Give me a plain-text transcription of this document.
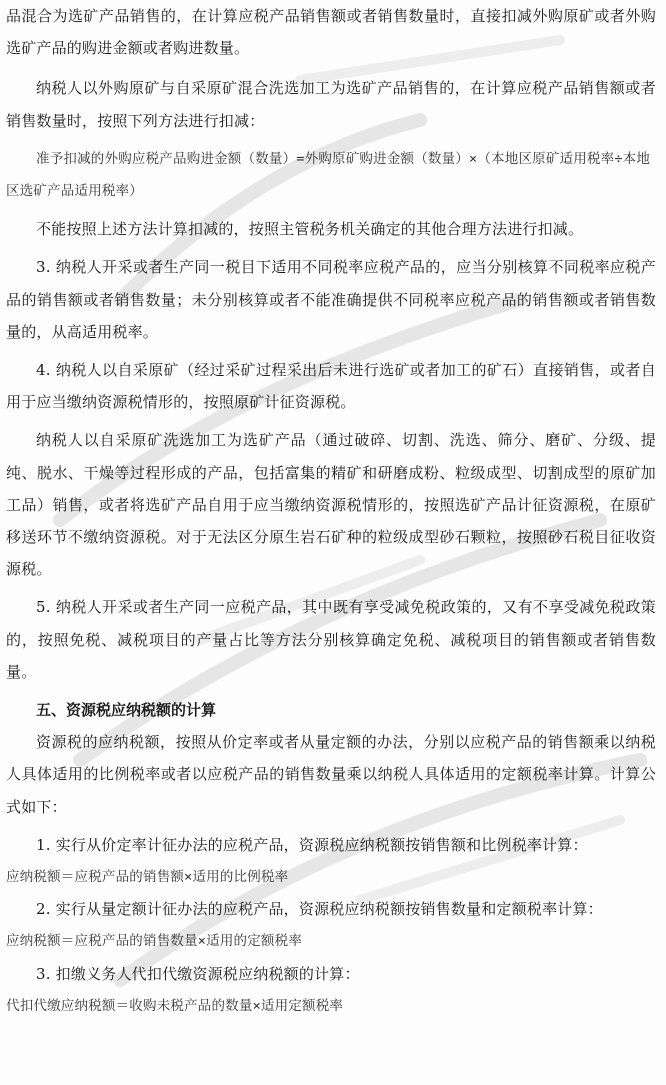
品混合为选矿产品销售的，在计算应税产品销售额或者销售数量时，直接扣减外购原矿或者外购选矿产品的购进金额或者购进数量。

纳税人以外购原矿与自采原矿混合洗选加工为选矿产品销售的，在计算应税产品销售额或者销售数量时，按照下列方法进行扣减：

准予扣减的外购应税产品购进金额（数量）=外购原矿购进金额（数量）×（本地区原矿适用税率÷本地区选矿产品适用税率）

不能按照上述方法计算扣减的，按照主管税务机关确定的其他合理方法进行扣减。

3. 纳税人开采或者生产同一税目下适用不同税率应税产品的，应当分别核算不同税率应税产品的销售额或者销售数量；未分别核算或者不能准确提供不同税率应税产品的销售额或者销售数量的，从高适用税率。

4. 纳税人以自采原矿（经过采矿过程采出后未进行选矿或者加工的矿石）直接销售，或者自用于应当缴纳资源税情形的，按照原矿计征资源税。

纳税人以自采原矿洗选加工为选矿产品（通过破碎、切割、洗选、筛分、磨矿、分级、提纯、脱水、干燥等过程形成的产品，包括富集的精矿和研磨成粉、粒级成型、切割成型的原矿加工品）销售，或者将选矿产品自用于应当缴纳资源税情形的，按照选矿产品计征资源税，在原矿移送环节不缴纳资源税。对于无法区分原生岩石矿种的粒级成型砂石颗粒，按照砂石税目征收资源税。

5. 纳税人开采或者生产同一应税产品，其中既有享受减免税政策的，又有不享受减免税政策的，按照免税、减税项目的产量占比等方法分别核算确定免税、减税项目的销售额或者销售数量。

五、资源税应纳税额的计算

资源税的应纳税额，按照从价定率或者从量定额的办法，分别以应税产品的销售额乘以纳税人具体适用的比例税率或者以应税产品的销售数量乘以纳税人具体适用的定额税率计算。计算公式如下：

1. 实行从价定率计征办法的应税产品，资源税应纳税额按销售额和比例税率计算：

应纳税额＝应税产品的销售额×适用的比例税率

2. 实行从量定额计征办法的应税产品，资源税应纳税额按销售数量和定额税率计算：

应纳税额＝应税产品的销售数量×适用的定额税率

3. 扣缴义务人代扣代缴资源税应纳税额的计算：

代扣代缴应纳税额＝收购未税产品的数量×适用定额税率
